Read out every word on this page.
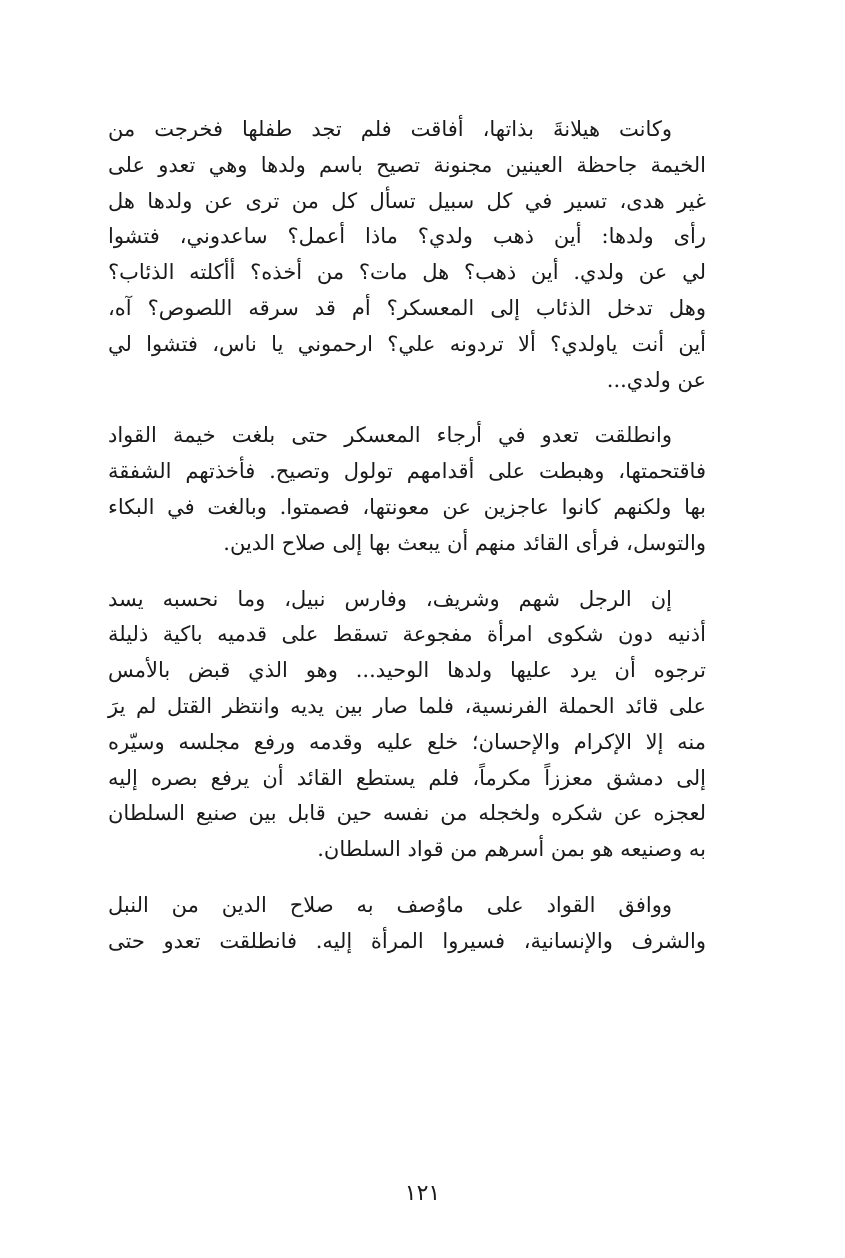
وكانت هيلانةَ بذاتها، أفاقت فلم تجد طفلها فخرجت من
الخيمة جاحظة العينين مجنونة تصيح باسم ولدها وهي تعدو على
غير هدى، تسير في كل سبيل تسأل كل من ترى عن ولدها هل
رأى ولدها: أين ذهب ولدي؟ ماذا أعمل؟ ساعدوني، فتشوا
لي عن ولدي. أين ذهب؟ هل مات؟ من أخذه؟ أأكلته الذئاب؟
وهل تدخل الذئاب إلى المعسكر؟ أم قد سرقه اللصوص؟ آه،
أين أنت ياولدي؟ ألا تردونه علي؟ ارحموني يا ناس، فتشوا لي
عن ولدي...
وانطلقت تعدو في أرجاء المعسكر حتى بلغت خيمة القواد
فاقتحمتها، وهبطت على أقدامهم تولول وتصيح. فأخذتهم الشفقة
بها ولكنهم كانوا عاجزين عن معونتها، فصمتوا. وبالغت في البكاء
والتوسل، فرأى القائد منهم أن يبعث بها إلى صلاح الدين.
إن الرجل شهم وشريف، وفارس نبيل، وما نحسبه يسد
أذنيه دون شكوى امرأة مفجوعة تسقط على قدميه باكية ذليلة
ترجوه أن يرد عليها ولدها الوحيد... وهو الذي قبض بالأمس
على قائد الحملة الفرنسية، فلما صار بين يديه وانتظر القتل لم يرَ
منه إلا الإكرام والإحسان؛ خلع عليه وقدمه ورفع مجلسه وسيّره
إلى دمشق معززاً مكرماً، فلم يستطع القائد أن يرفع بصره إليه
لعجزه عن شكره ولخجله من نفسه حين قابل بين صنيع السلطان
به وصنيعه هو بمن أسرهم من قواد السلطان.
ووافق القواد على ماوُصف به صلاح الدين من النبل
والشرف والإنسانية، فسيروا المرأة إليه. فانطلقت تعدو حتى
١٢١
